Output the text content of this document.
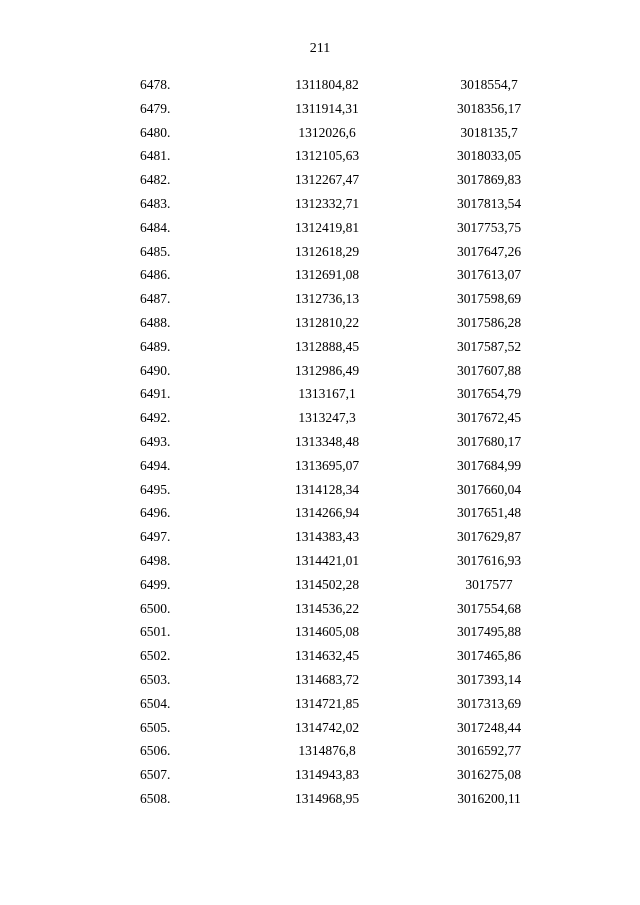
211
6478.	1311804,82	3018554,7
6479.	1311914,31	3018356,17
6480.	1312026,6	3018135,7
6481.	1312105,63	3018033,05
6482.	1312267,47	3017869,83
6483.	1312332,71	3017813,54
6484.	1312419,81	3017753,75
6485.	1312618,29	3017647,26
6486.	1312691,08	3017613,07
6487.	1312736,13	3017598,69
6488.	1312810,22	3017586,28
6489.	1312888,45	3017587,52
6490.	1312986,49	3017607,88
6491.	1313167,1	3017654,79
6492.	1313247,3	3017672,45
6493.	1313348,48	3017680,17
6494.	1313695,07	3017684,99
6495.	1314128,34	3017660,04
6496.	1314266,94	3017651,48
6497.	1314383,43	3017629,87
6498.	1314421,01	3017616,93
6499.	1314502,28	3017577
6500.	1314536,22	3017554,68
6501.	1314605,08	3017495,88
6502.	1314632,45	3017465,86
6503.	1314683,72	3017393,14
6504.	1314721,85	3017313,69
6505.	1314742,02	3017248,44
6506.	1314876,8	3016592,77
6507.	1314943,83	3016275,08
6508.	1314968,95	3016200,11
